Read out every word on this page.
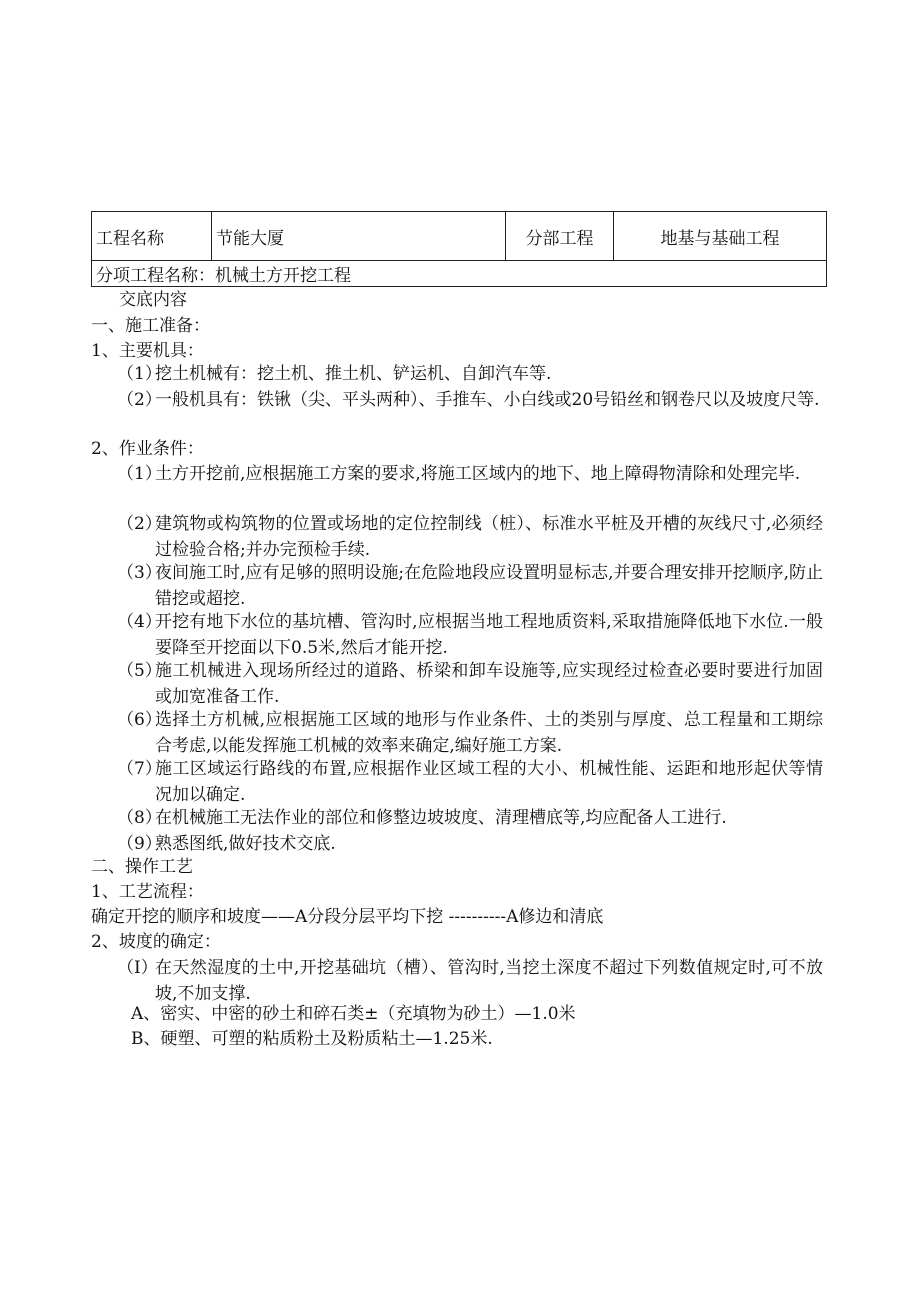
工程名称	节能大厦	分部工程	地基与基础工程
分项工程名称：机械土方开挖工程
交底内容
一、施工准备：
1、主要机具：
（1）
挖土机械有：挖土机、推土机、铲运机、自卸汽车等.
（2）
一般机具有：铁锹（尖、平头两种）、手推车、小白线或20号铅丝和钢卷尺以及坡度尺等.
2、作业条件：
（1）
土方开挖前,应根据施工方案的要求,将施工区域内的地下、地上障碍物清除和处理完毕.
（2）
建筑物或构筑物的位置或场地的定位控制线（桩）、标准水平桩及开槽的灰线尺寸,必须经过检验合格;并办完预检手续.
（3）
夜间施工时,应有足够的照明设施;在危险地段应设置明显标志,并要合理安排开挖顺序,防止错挖或超挖.
（4）
开挖有地下水位的基坑槽、管沟时,应根据当地工程地质资料,采取措施降低地下水位.一般要降至开挖面以下0.5米,然后才能开挖.
（5）
施工机械进入现场所经过的道路、桥梁和卸车设施等,应实现经过检查必要时要进行加固或加宽准备工作.
（6）
选择土方机械,应根据施工区域的地形与作业条件、土的类别与厚度、总工程量和工期综合考虑,以能发挥施工机械的效率来确定,编好施工方案.
（7）
施工区域运行路线的布置,应根据作业区域工程的大小、机械性能、运距和地形起伏等情况加以确定.
（8）
在机械施工无法作业的部位和修整边坡坡度、清理槽底等,均应配备人工进行.
（9）
熟悉图纸,做好技术交底.
二、操作工艺
1、工艺流程：
确定开挖的顺序和坡度——A分段分层平均下挖 ----------A修边和清底
2、坡度的确定：
（I）
在天然湿度的土中,开挖基础坑（槽）、管沟时,当挖土深度不超过下列数值规定时,可不放坡,不加支撑.
A、密实、中密的砂土和碎石类±（充填物为砂土）—1.0米
B、硬塑、可塑的粘质粉土及粉质粘土—1.25米.
